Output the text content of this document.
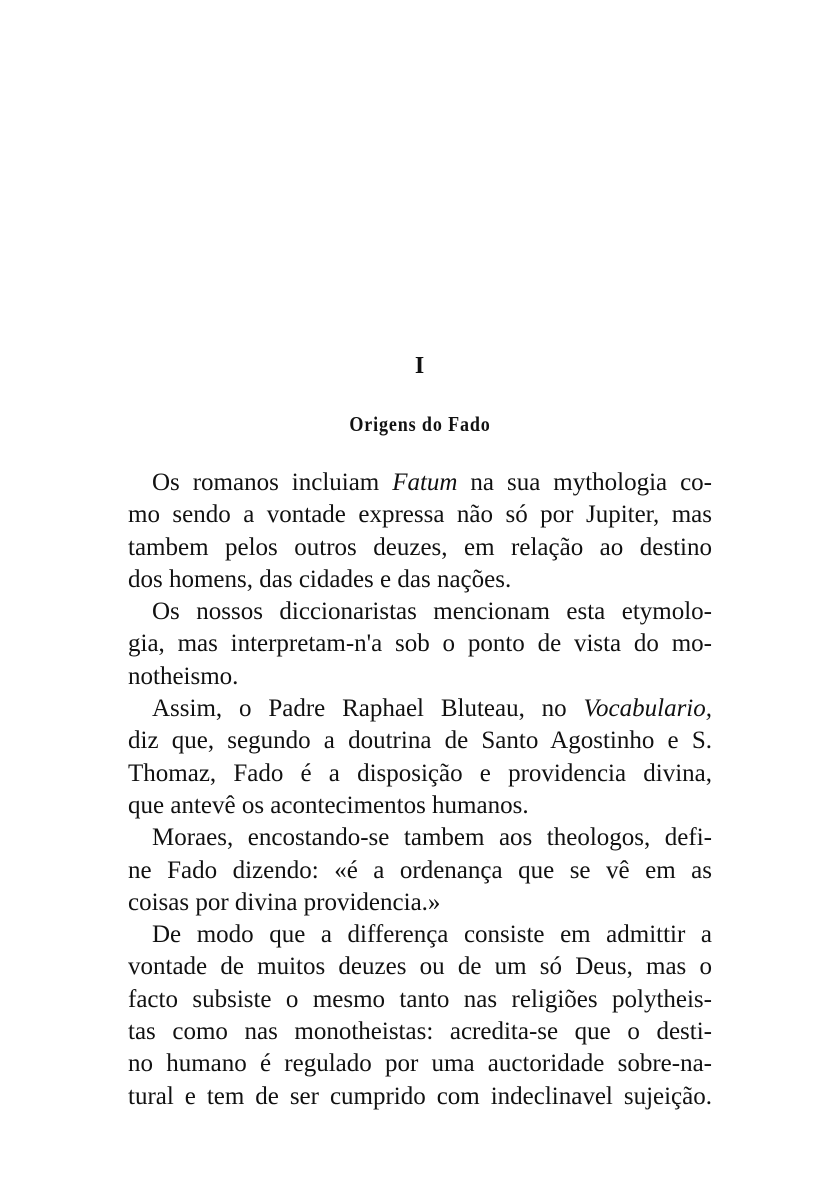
I
Origens do Fado
Os romanos incluiam Fatum na sua mythologia co-
mo sendo a vontade expressa não só por Jupiter, mas
tambem pelos outros deuzes, em relação ao destino
dos homens, das cidades e das nações.
Os nossos diccionaristas mencionam esta etymolo-
gia, mas interpretam-n'a sob o ponto de vista do mo-
notheismo.
Assim, o Padre Raphael Bluteau, no Vocabulario,
diz que, segundo a doutrina de Santo Agostinho e S.
Thomaz, Fado é a disposição e providencia divina,
que antevê os acontecimentos humanos.
Moraes, encostando-se tambem aos theologos, defi-
ne Fado dizendo: «é a ordenança que se vê em as
coisas por divina providencia.»
De modo que a differença consiste em admittir a
vontade de muitos deuzes ou de um só Deus, mas o
facto subsiste o mesmo tanto nas religiões polytheis-
tas como nas monotheistas: acredita-se que o desti-
no humano é regulado por uma auctoridade sobre-na-
tural e tem de ser cumprido com indeclinavel sujeição.
